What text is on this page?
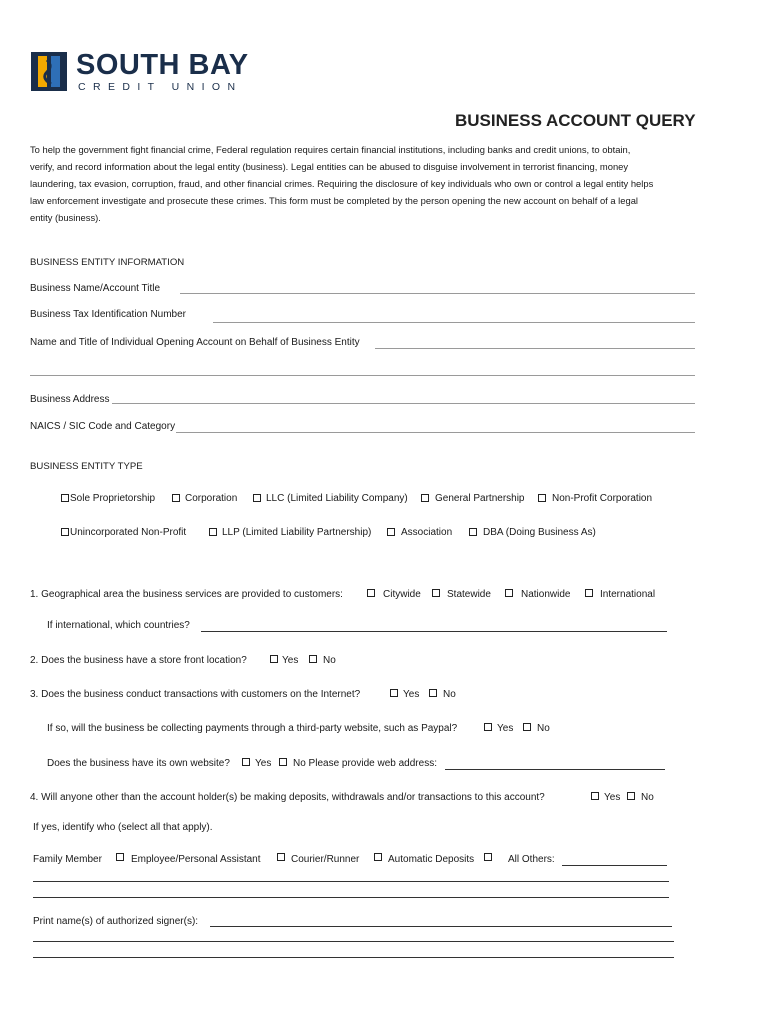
SOUTH BAY
CREDIT UNION
BUSINESS ACCOUNT QUERY

To help the government fight financial crime, Federal regulation requires certain financial institutions, including banks and credit unions, to obtain,

verify, and record information about the legal entity (business). Legal entities can be abused to disguise involvement in terrorist financing, money

laundering, tax evasion, corruption, fraud, and other financial crimes. Requiring the disclosure of key individuals who own or control a legal entity helps

law enforcement investigate and prosecute these crimes. This form must be completed by the person opening the new account on behalf of a legal

entity (business).

BUSINESS ENTITY INFORMATION
Business Name/Account Title
Business Tax Identification Number
Name and Title of Individual Opening Account on Behalf of Business Entity
Business Address
NAICS / SIC Code and Category
BUSINESS ENTITY TYPE
Sole Proprietorship	Corporation	LLC (Limited Liability Company)	General Partnership	Non-Profit Corporation
Unincorporated Non-Profit	LLP (Limited Liability Partnership)	Association	DBA (Doing Business As)
1. Geographical area the business services are provided to customers:	Citywide	Statewide	Nationwide	International
If international, which countries?
2. Does the business have a store front location?	Yes No
3. Does the business conduct transactions with customers on the Internet?	Yes No
If so, will the business be collecting payments through a third-party website, such as Paypal?	Yes No
Does the business have its own website?	Yes No Please provide web address:
4. Will anyone other than the account holder(s) be making deposits, withdrawals and/or transactions to this account?	Yes No
If yes, identify who (select all that apply).
Family Member	Employee/Personal Assistant	Courier/Runner	Automatic Deposits	All Others:
Print name(s) of authorized signer(s):
